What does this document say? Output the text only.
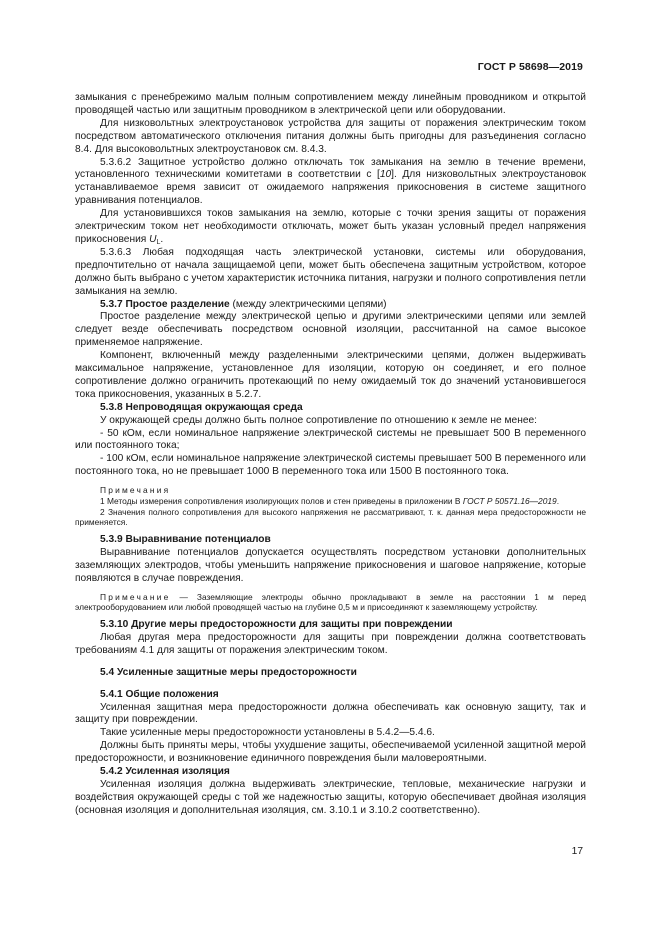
ГОСТ Р 58698—2019

замыкания с пренебрежимо малым полным сопротивлением между линейным проводником и открытой проводящей частью или защитным проводником в электрической цепи или оборудовании.

Для низковольтных электроустановок устройства для защиты от поражения электрическим током посредством автоматического отключения питания должны быть пригодны для разъединения согласно 8.4. Для высоковольтных электроустановок см. 8.4.3.

5.3.6.2 Защитное устройство должно отключать ток замыкания на землю в течение времени, установленного техническими комитетами в соответствии с [10]. Для низковольтных электроустановок устанавливаемое время зависит от ожидаемого напряжения прикосновения в системе защитного уравнивания потенциалов.

Для установившихся токов замыкания на землю, которые с точки зрения защиты от поражения электрическим током нет необходимости отключать, может быть указан условный предел напряжения прикосновения $U_L$.

5.3.6.3 Любая подходящая часть электрической установки, системы или оборудования, предпочтительно от начала защищаемой цепи, может быть обеспечена защитным устройством, которое должно быть выбрано с учетом характеристик источника питания, нагрузки и полного сопротивления петли замыкания на землю.

5.3.7 Простое разделение (между электрическими цепями)

Простое разделение между электрической цепью и другими электрическими цепями или землей следует везде обеспечивать посредством основной изоляции, рассчитанной на самое высокое применяемое напряжение.

Компонент, включенный между разделенными электрическими цепями, должен выдерживать максимальное напряжение, установленное для изоляции, которую он соединяет, и его полное сопротивление должно ограничить протекающий по нему ожидаемый ток до значений установившегося тока прикосновения, указанных в 5.2.7.

5.3.8 Непроводящая окружающая среда

У окружающей среды должно быть полное сопротивление по отношению к земле не менее:

- 50 кОм, если номинальное напряжение электрической системы не превышает 500 В переменного или постоянного тока;

- 100 кОм, если номинальное напряжение электрической системы превышает 500 В переменного или постоянного тока, но не превышает 1000 В переменного тока или 1500 В постоянного тока.

Примечания

1 Методы измерения сопротивления изолирующих полов и стен приведены в приложении В ГОСТ Р 50571.16—2019.

2 Значения полного сопротивления для высокого напряжения не рассматривают, т. к. данная мера предосторожности не применяется.

5.3.9 Выравнивание потенциалов

Выравнивание потенциалов допускается осуществлять посредством установки дополнительных заземляющих электродов, чтобы уменьшить напряжение прикосновения и шаговое напряжение, которые появляются в случае повреждения.

Примечание — Заземляющие электроды обычно прокладывают в земле на расстоянии 1 м перед электрооборудованием или любой проводящей частью на глубине 0,5 м и присоединяют к заземляющему устройству.

5.3.10 Другие меры предосторожности для защиты при повреждении

Любая другая мера предосторожности для защиты при повреждении должна соответствовать требованиям 4.1 для защиты от поражения электрическим током.

5.4 Усиленные защитные меры предосторожности

5.4.1 Общие положения

Усиленная защитная мера предосторожности должна обеспечивать как основную защиту, так и защиту при повреждении.

Такие усиленные меры предосторожности установлены в 5.4.2—5.4.6.

Должны быть приняты меры, чтобы ухудшение защиты, обеспечиваемой усиленной защитной мерой предосторожности, и возникновение единичного повреждения были маловероятными.

5.4.2 Усиленная изоляция

Усиленная изоляция должна выдерживать электрические, тепловые, механические нагрузки и воздействия окружающей среды с той же надежностью защиты, которую обеспечивает двойная изоляция (основная изоляция и дополнительная изоляция, см. 3.10.1 и 3.10.2 соответственно).

17
